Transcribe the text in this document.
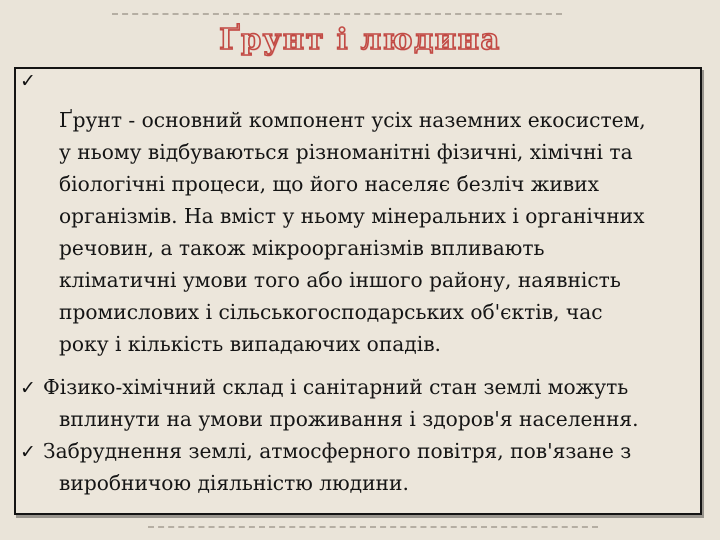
Ґрунт і людина
✓
Ґрунт - основний компонент усіх наземних екосистем,
у ньому відбуваються різноманітні фізичні, хімічні та
біологічні процеси, що його населяє безліч живих
організмів. На вміст у ньому мінеральних і органічних
речовин, а також мікроорганізмів впливають
кліматичні умови того або іншого району, наявність
промислових і сільськогосподарських об'єктів, час
року і кількість випадаючих опадів.
✓ Фізико-хімічний склад і санітарний стан землі можуть
вплинути на умови проживання і здоров'я населення.
✓ Забруднення землі, атмосферного повітря, пов'язане з
виробничою діяльністю людини.
